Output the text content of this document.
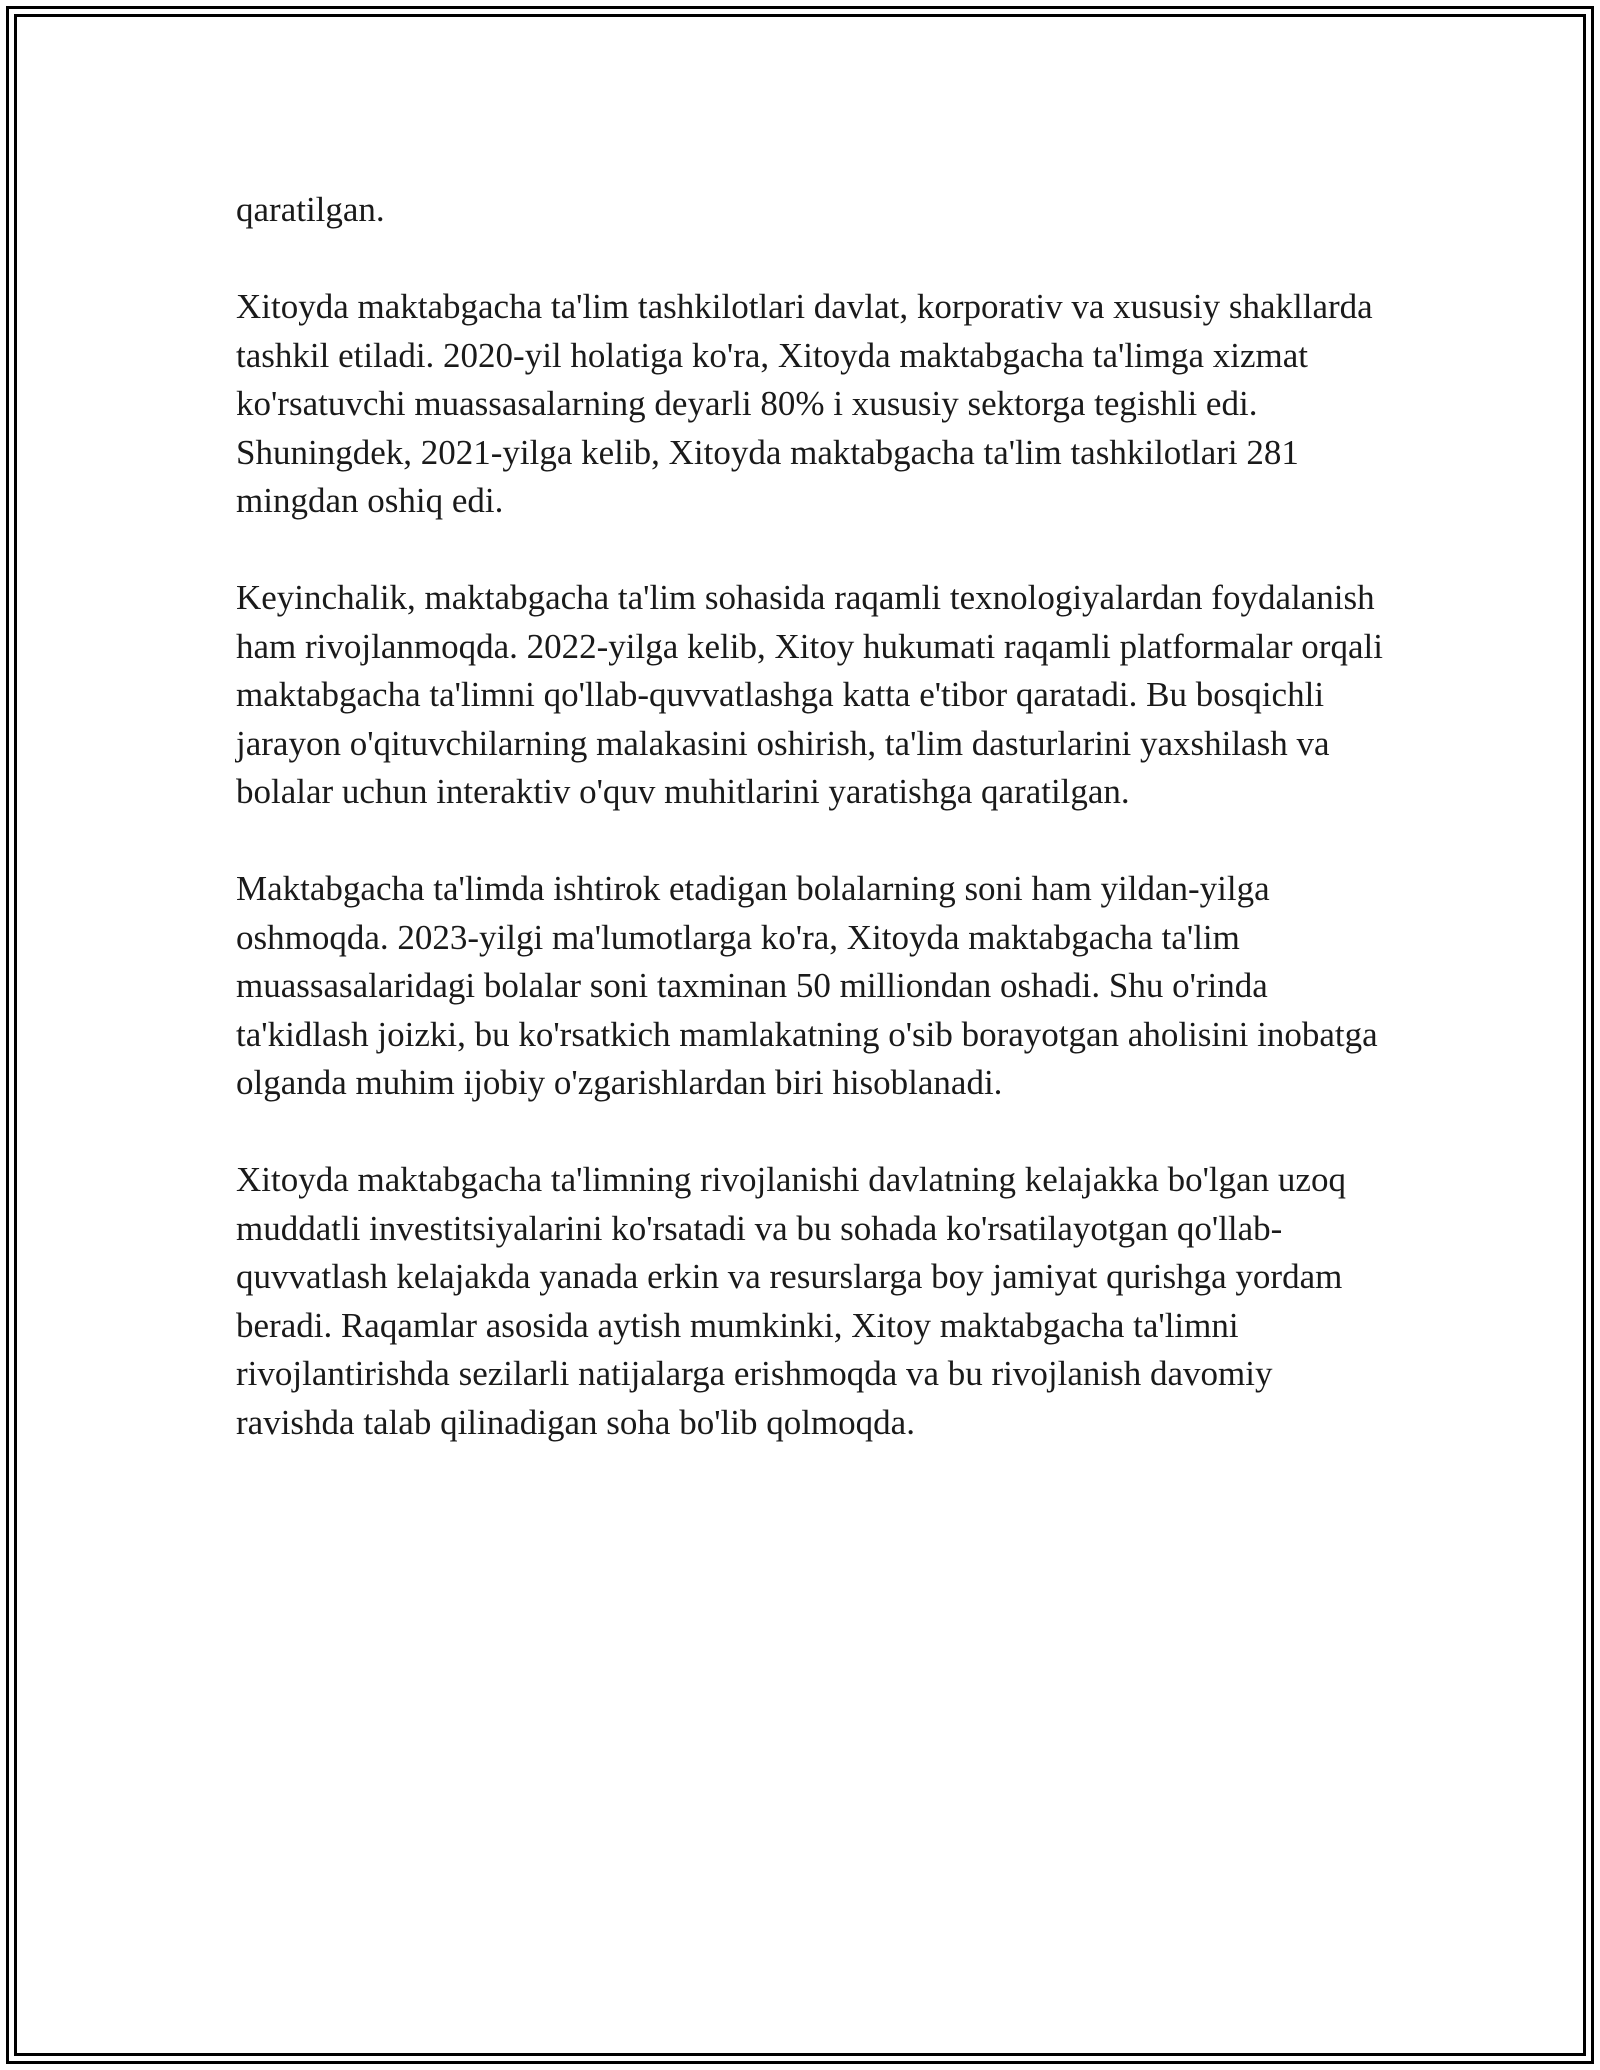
qaratilgan.

Xitoyda maktabgacha ta'lim tashkilotlari davlat, korporativ va xususiy shakllarda tashkil etiladi. 2020-yil holatiga ko'ra, Xitoyda maktabgacha ta'limga xizmat ko'rsatuvchi muassasalarning deyarli 80% i xususiy sektorga tegishli edi. Shuningdek, 2021-yilga kelib, Xitoyda maktabgacha ta'lim tashkilotlari 281 mingdan oshiq edi.

Keyinchalik, maktabgacha ta'lim sohasida raqamli texnologiyalardan foydalanish ham rivojlanmoqda. 2022-yilga kelib, Xitoy hukumati raqamli platformalar orqali maktabgacha ta'limni qo'llab-quvvatlashga katta e'tibor qaratadi. Bu bosqichli jarayon o'qituvchilarning malakasini oshirish, ta'lim dasturlarini yaxshilash va bolalar uchun interaktiv o'quv muhitlarini yaratishga qaratilgan.

Maktabgacha ta'limda ishtirok etadigan bolalarning soni ham yildan-yilga oshmoqda. 2023-yilgi ma'lumotlarga ko'ra, Xitoyda maktabgacha ta'lim muassasalaridagi bolalar soni taxminan 50 milliondan oshadi. Shu o'rinda ta'kidlash joizki, bu ko'rsatkich mamlakatning o'sib borayotgan aholisini inobatga olganda muhim ijobiy o'zgarishlardan biri hisoblanadi.

Xitoyda maktabgacha ta'limning rivojlanishi davlatning kelajakka bo'lgan uzoq muddatli investitsiyalarini ko'rsatadi va bu sohada ko'rsatilayotgan qo'llab-quvvatlash kelajakda yanada erkin va resurslarga boy jamiyat qurishga yordam beradi. Raqamlar asosida aytish mumkinki, Xitoy maktabgacha ta'limni rivojlantirishda sezilarli natijalarga erishmoqda va bu rivojlanish davomiy ravishda talab qilinadigan soha bo'lib qolmoqda.
